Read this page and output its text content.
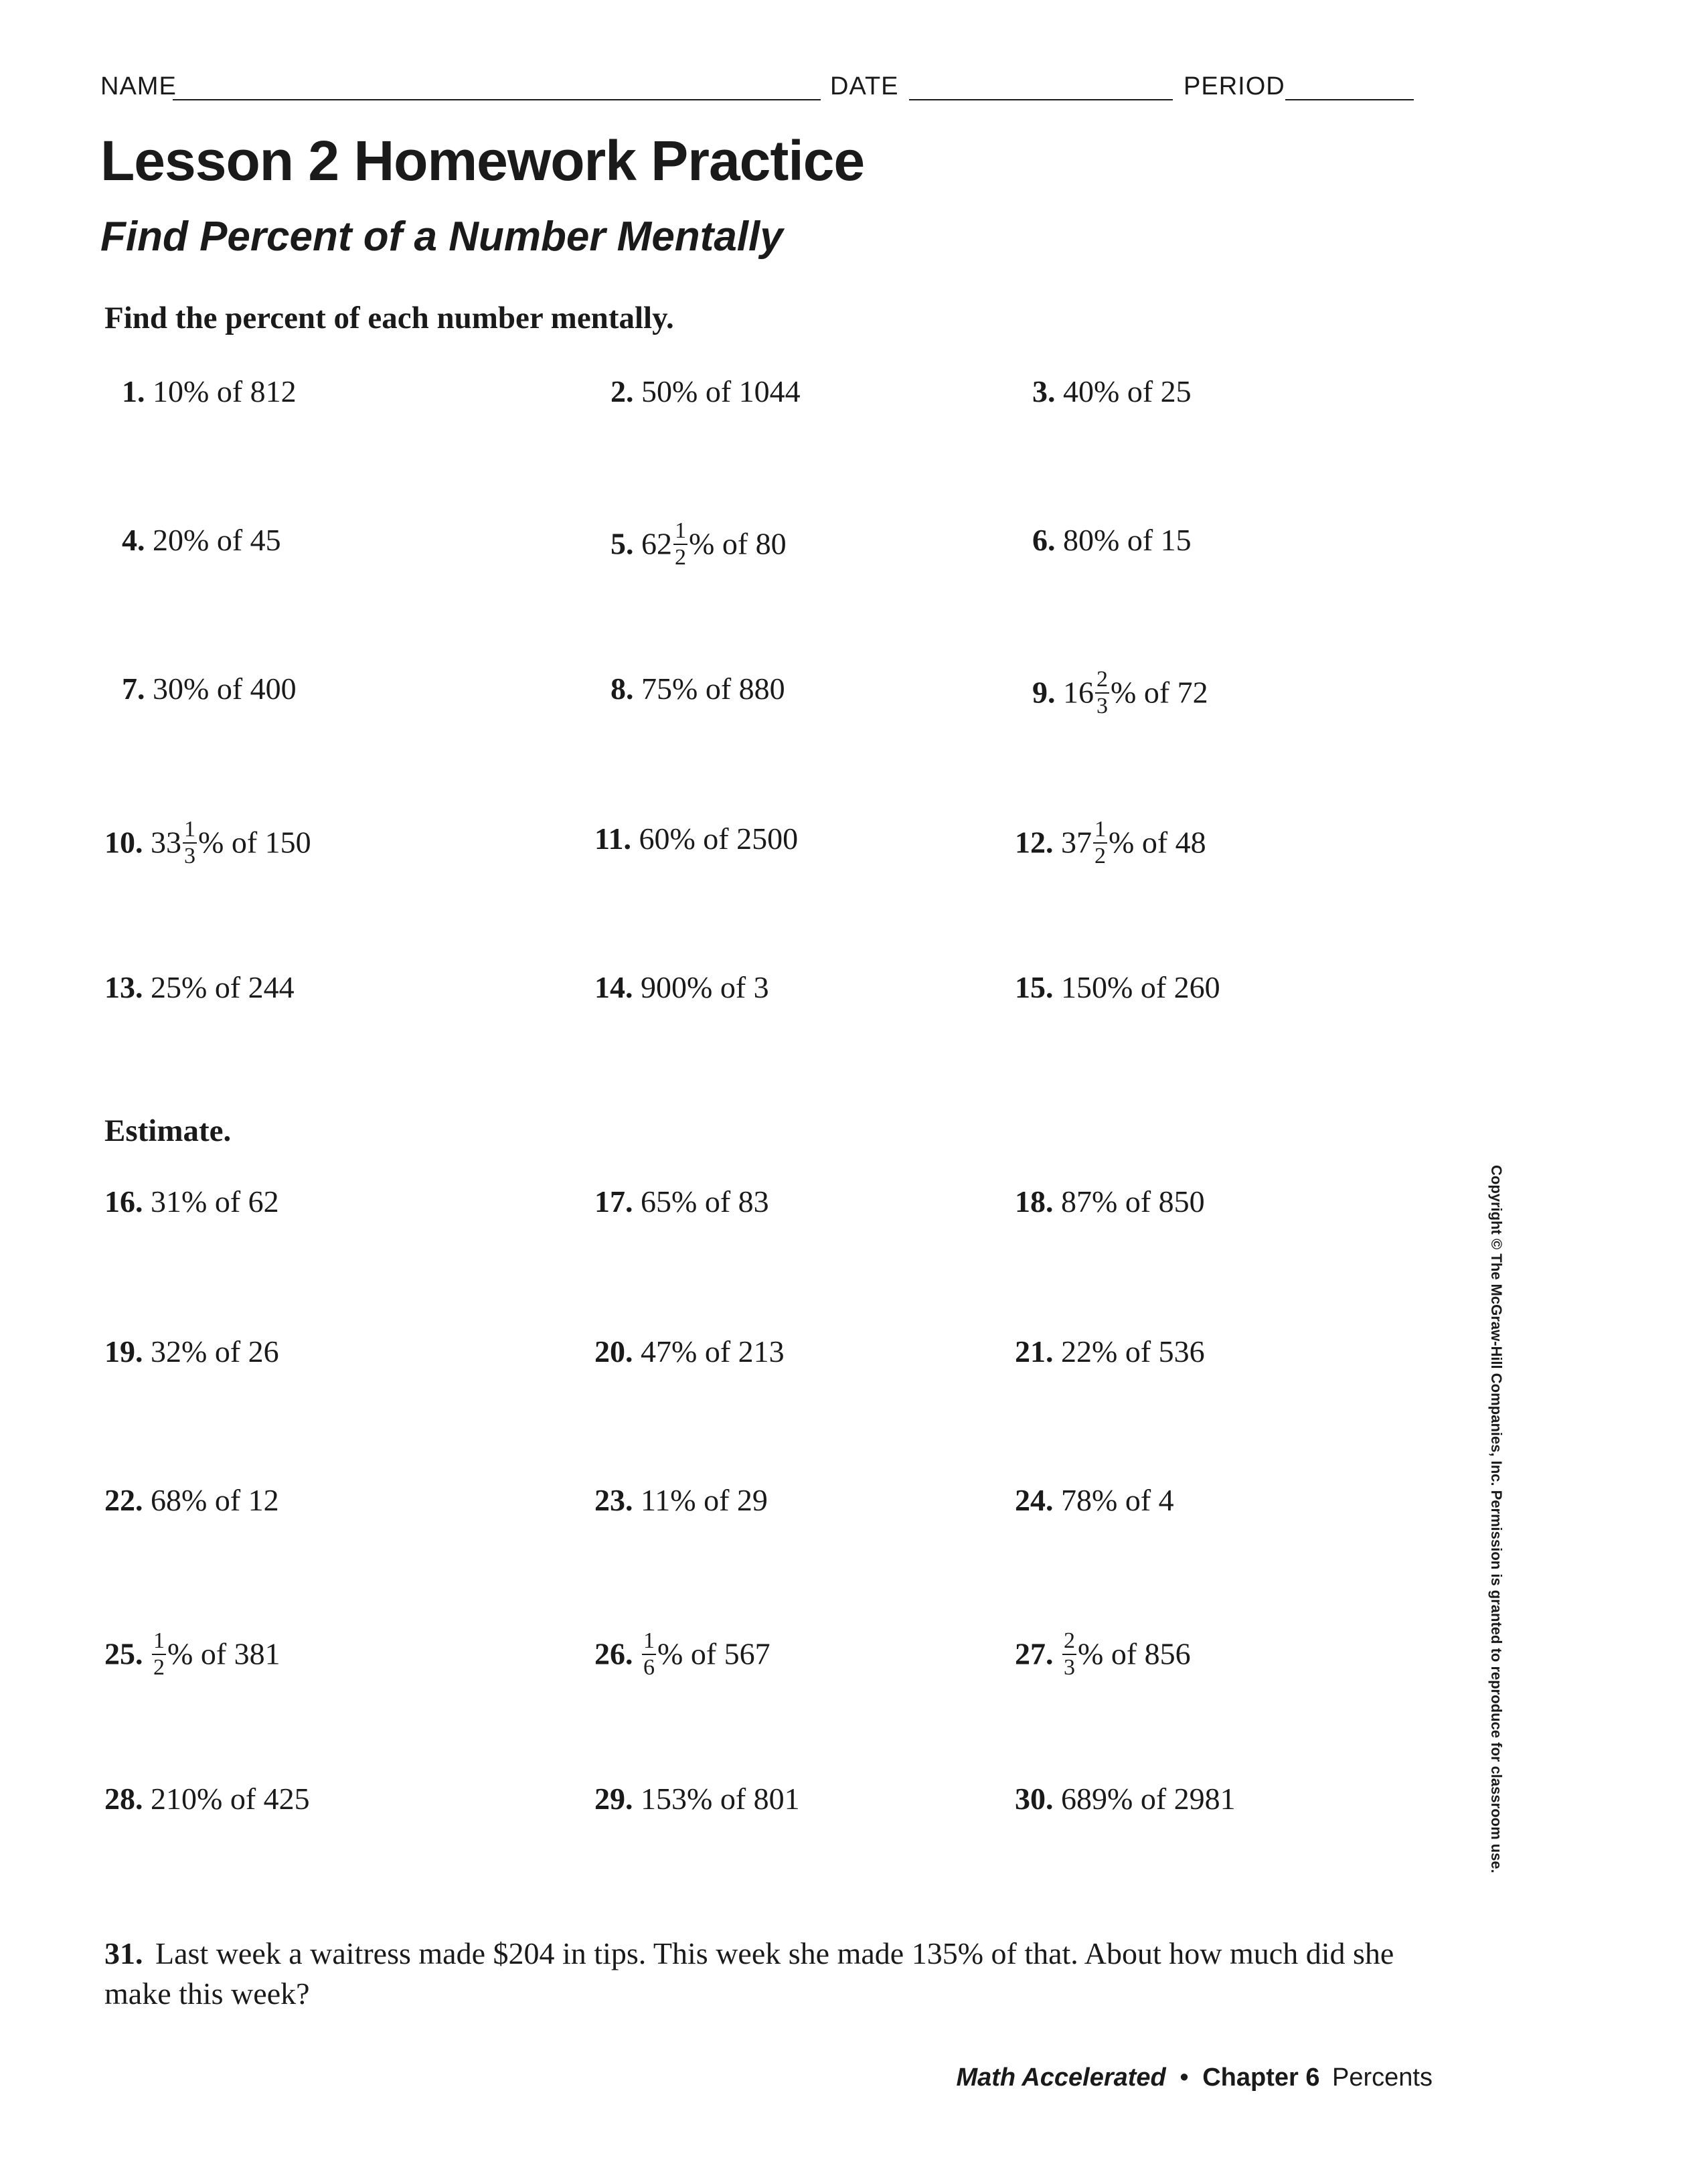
NAME	DATE	PERIOD
Lesson 2 Homework Practice
Find Percent of a Number Mentally
Find the percent of each number mentally.
1. 10% of 812	2. 50% of 1044	3. 40% of 25
4. 20% of 45	5. $62 \frac{1}{2}$ % of 80	6. 80% of 15
7. 30% of 400	8. 75% of 880	9. $16 \frac{2}{3}$ % of 72
10. $33 \frac{1}{3}$ % of 150	11. 60% of 2500	12. $37 \frac{1}{2}$ % of 48
13. 25% of 244	14. 900% of 3	15. 150% of 260
Estimate.
16. 31% of 62	17. 65% of 83	18. 87% of 850
19. 32% of 26	20. 47% of 213	21. 22% of 536
22. 68% of 12	23. 11% of 29	24. 78% of 4
25. $\frac{1}{2}$ % of 381	26. $\frac{1}{6}$ % of 567	27. $\frac{2}{3}$ % of 856
28. 210% of 425	29. 153% of 801	30. 689% of 2981
31. Last week a waitress made $204 in tips. This week she made 135% of that. About how much did she make this week?
Copyright © The McGraw-Hill Companies, Inc. Permission is granted to reproduce for classroom use.
Math Accelerated • Chapter 6 Percents
